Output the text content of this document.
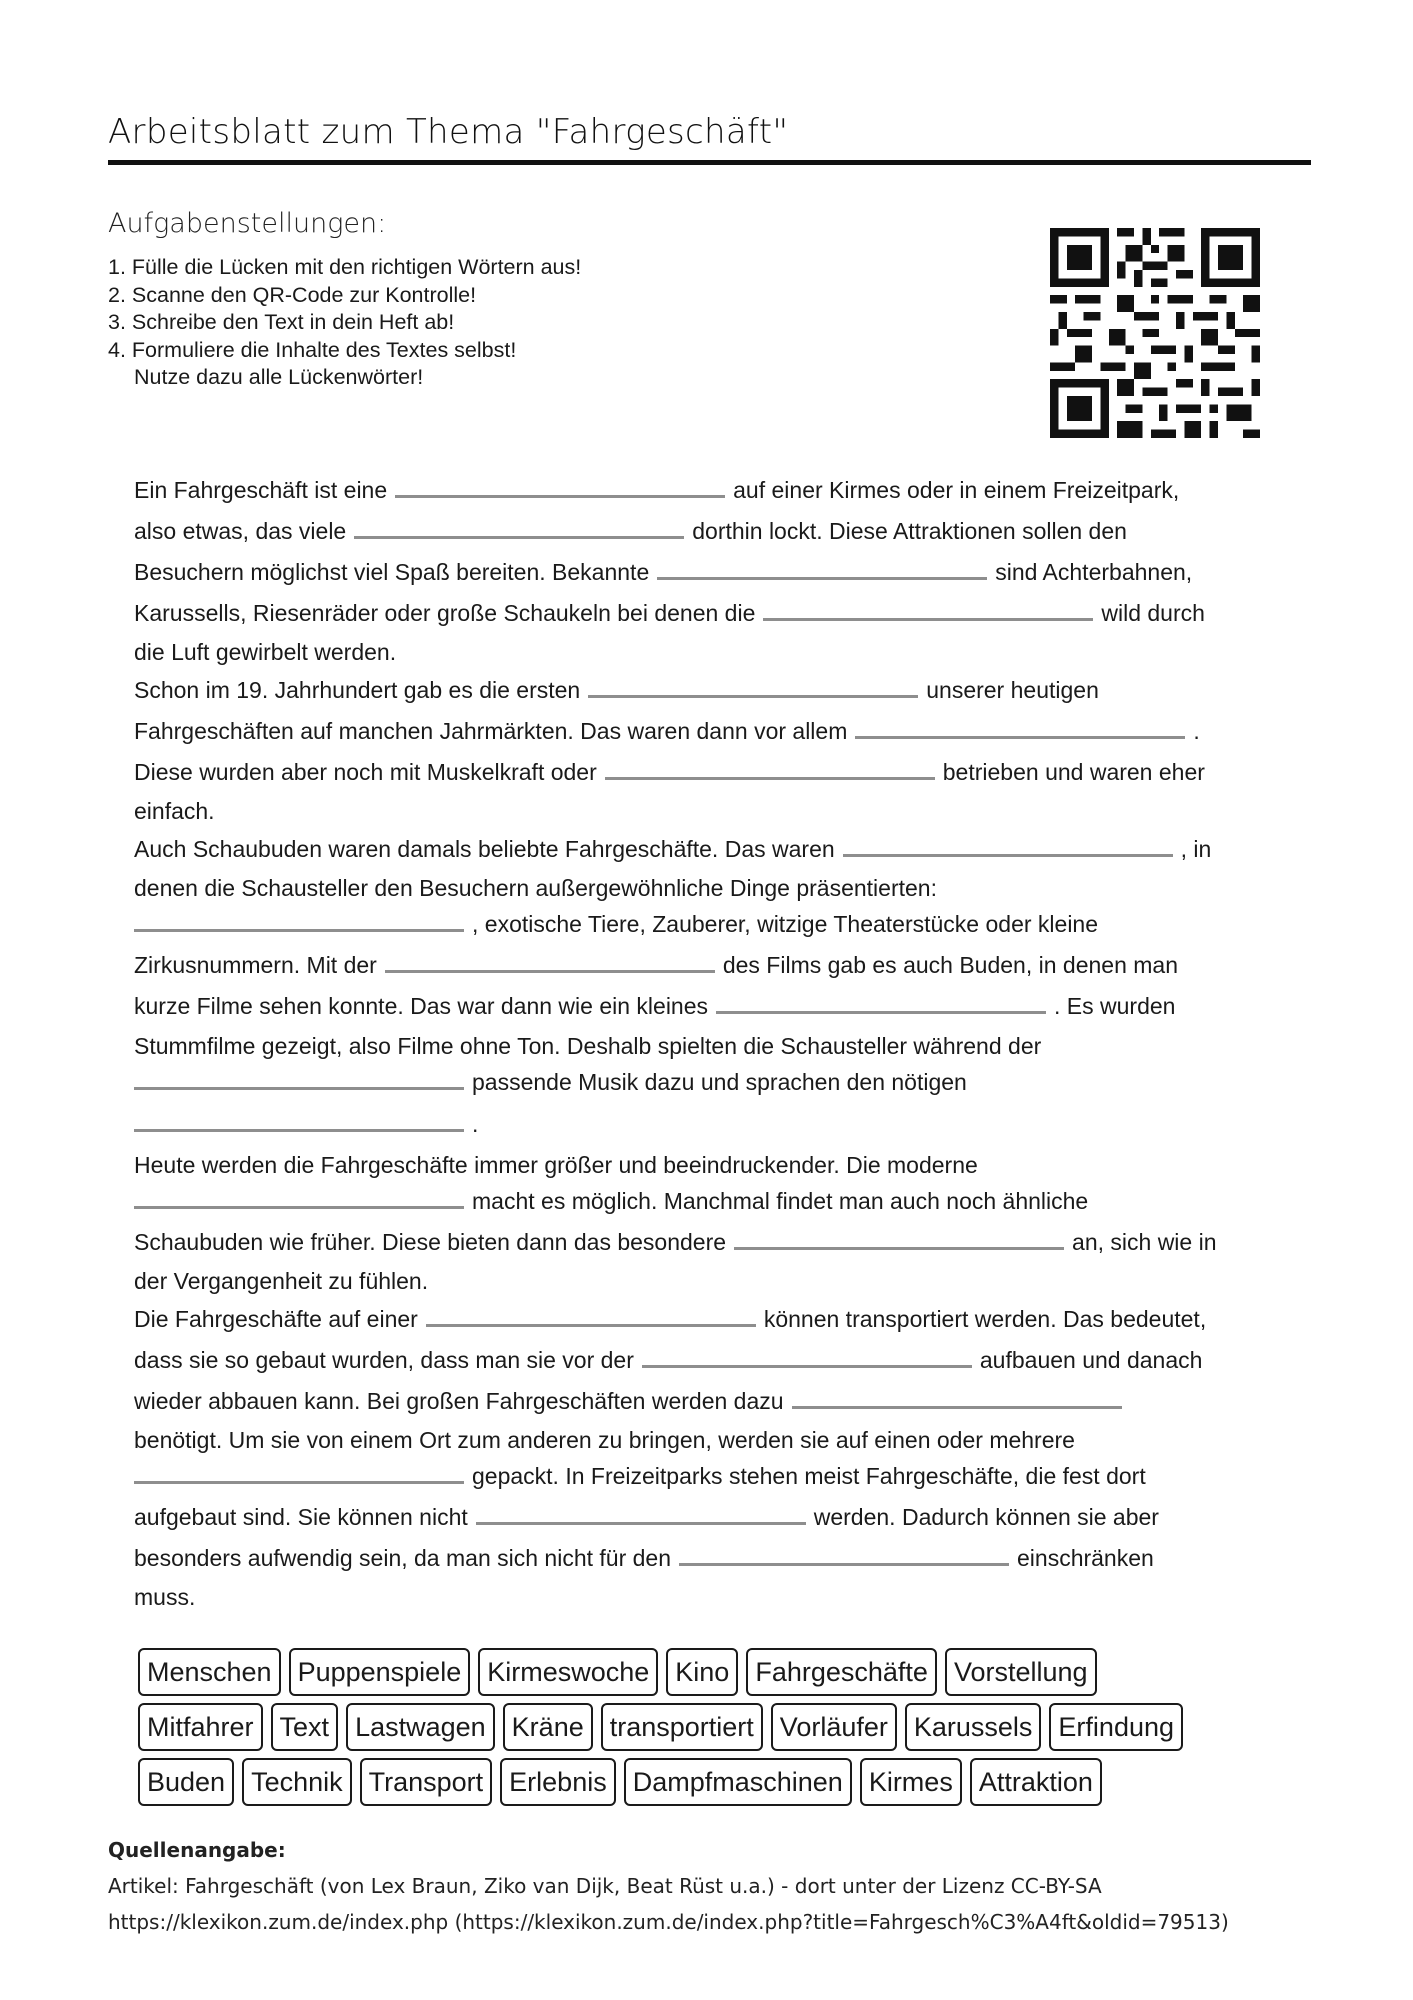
Arbeitsblatt zum Thema "Fahrgeschäft"
Aufgabenstellungen:
1. Fülle die Lücken mit den richtigen Wörtern aus!
2. Scanne den QR-Code zur Kontrolle!
3. Schreibe den Text in dein Heft ab!
4. Formuliere die Inhalte des Textes selbst!
Nutze dazu alle Lückenwörter!
Ein Fahrgeschäft ist eine	auf einer Kirmes oder in einem Freizeitpark,
also etwas, das viele	dorthin lockt. Diese Attraktionen sollen den
Besuchern möglichst viel Spaß bereiten. Bekannte	sind Achterbahnen,
Karussells, Riesenräder oder große Schaukeln bei denen die	wild durch
die Luft gewirbelt werden.
Schon im 19. Jahrhundert gab es die ersten	unserer heutigen
Fahrgeschäften auf manchen Jahrmärkten. Das waren dann vor allem	.
Diese wurden aber noch mit Muskelkraft oder	betrieben und waren eher
einfach.
Auch Schaubuden waren damals beliebte Fahrgeschäfte. Das waren	, in
denen die Schausteller den Besuchern außergewöhnliche Dinge präsentierten:
, exotische Tiere, Zauberer, witzige Theaterstücke oder kleine
Zirkusnummern. Mit der	des Films gab es auch Buden, in denen man
kurze Filme sehen konnte. Das war dann wie ein kleines	. Es wurden
Stummfilme gezeigt, also Filme ohne Ton. Deshalb spielten die Schausteller während der
passende Musik dazu und sprachen den nötigen
.
Heute werden die Fahrgeschäfte immer größer und beeindruckender. Die moderne
macht es möglich. Manchmal findet man auch noch ähnliche
Schaubuden wie früher. Diese bieten dann das besondere	an, sich wie in
der Vergangenheit zu fühlen.
Die Fahrgeschäfte auf einer	können transportiert werden. Das bedeutet,
dass sie so gebaut wurden, dass man sie vor der	aufbauen und danach
wieder abbauen kann. Bei großen Fahrgeschäften werden dazu
benötigt. Um sie von einem Ort zum anderen zu bringen, werden sie auf einen oder mehrere
gepackt. In Freizeitparks stehen meist Fahrgeschäfte, die fest dort
aufgebaut sind. Sie können nicht	werden. Dadurch können sie aber
besonders aufwendig sein, da man sich nicht für den	einschränken
muss.
Menschen Puppenspiele Kirmeswoche Kino Fahrgeschäfte Vorstellung
Mitfahrer Text Lastwagen Kräne transportiert Vorläufer Karussels Erfindung
Buden Technik Transport Erlebnis Dampfmaschinen Kirmes Attraktion
Quellenangabe:
Artikel: Fahrgeschäft (von Lex Braun, Ziko van Dijk, Beat Rüst u.a.) - dort unter der Lizenz CC-BY-SA
https://klexikon.zum.de/index.php (https://klexikon.zum.de/index.php?title=Fahrgesch%C3%A4ft&oldid=79513)
